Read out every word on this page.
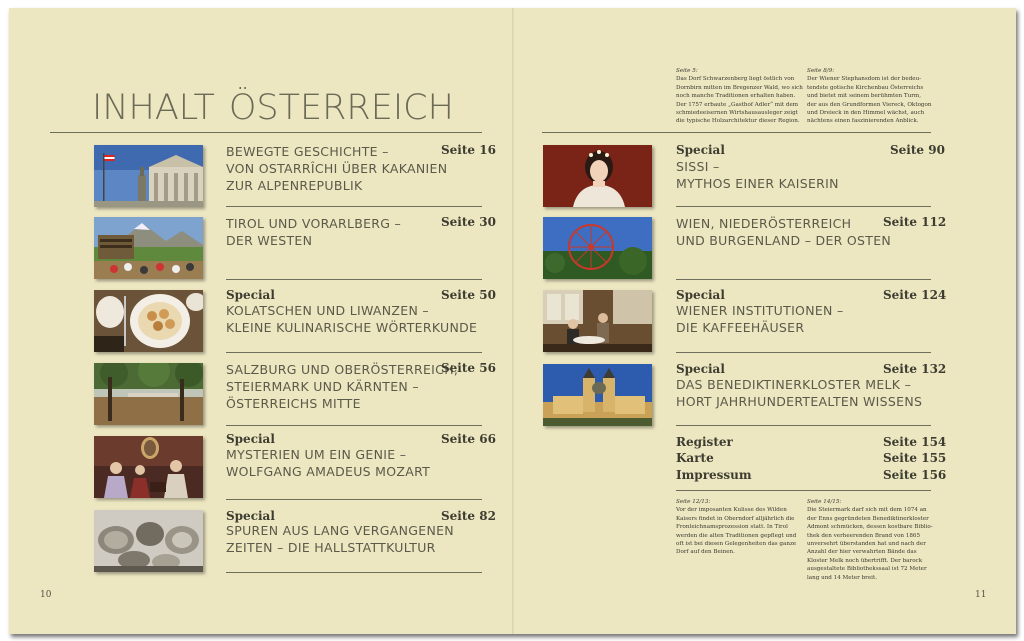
INHALT ÖSTERREICH
BEWEGTE GESCHICHTE –
VON OSTARRÎCHI ÜBER KAKANIEN
ZUR ALPENREPUBLIK
Seite 16
TIROL UND VORARLBERG –
DER WESTEN
Seite 30
Special
KOLATSCHEN UND LIWANZEN –
KLEINE KULINARISCHE WÖRTERKUNDE
Seite 50
SALZBURG UND OBERÖSTERREICH,
STEIERMARK UND KÄRNTEN –
ÖSTERREICHS MITTE
Seite 56
Special
MYSTERIEN UM EIN GENIE –
WOLFGANG AMADEUS MOZART
Seite 66
Special
SPUREN AUS LANG VERGANGENEN
ZEITEN – DIE HALLSTATTKULTUR
Seite 82
10
Seite 5:
Das Dorf Schwarzenberg liegt östlich von
Dornbirn mitten im Bregenzer Wald, wo sich
noch manche Traditionen erhalten haben.
Der 1757 erbaute „Gasthof Adler“ mit dem
schmiedeeisernen Wirtshausausleger zeigt
die typische Holzarchitektur dieser Region.
Seite 8/9:
Der Wiener Stephansdom ist der bedeu-
tendste gotische Kirchenbau Österreichs
und bietet mit seinem berühmten Turm,
der aus den Grundformen Viereck, Oktogon
und Dreieck in den Himmel wächst, auch
nächtens einen faszinierenden Anblick.
Special
SISSI –
MYTHOS EINER KAISERIN
Seite 90
WIEN, NIEDERÖSTERREICH
UND BURGENLAND – DER OSTEN
Seite 112
Special
WIENER INSTITUTIONEN –
DIE KAFFEEHÄUSER
Seite 124
Special
DAS BENEDIKTINERKLOSTER MELK –
HORT JAHRHUNDERTEALTEN WISSENS
Seite 132
Register	Seite 154
Karte	Seite 155
Impressum	Seite 156
Seite 12/13:
Vor der imposanten Kulisse des Wilden
Kaisers findet in Oberndorf alljährlich die
Fronleichnamsprozession statt. In Tirol
werden die alten Traditionen gepflegt und
oft ist bei diesen Gelegenheiten das ganze
Dorf auf den Beinen.
Seite 14/15:
Die Steiermark darf sich mit dem 1074 an
der Enns gegründeten Benediktinerkloster
Admont schmücken, dessen kostbare Biblio-
thek den verheerenden Brand von 1865
unversehrt überstanden hat und nach der
Anzahl der hier verwahrten Bände das
Kloster Melk noch übertrifft. Der barock
ausgestaltete Bibliothekssaal ist 72 Meter
lang und 14 Meter breit.
11
